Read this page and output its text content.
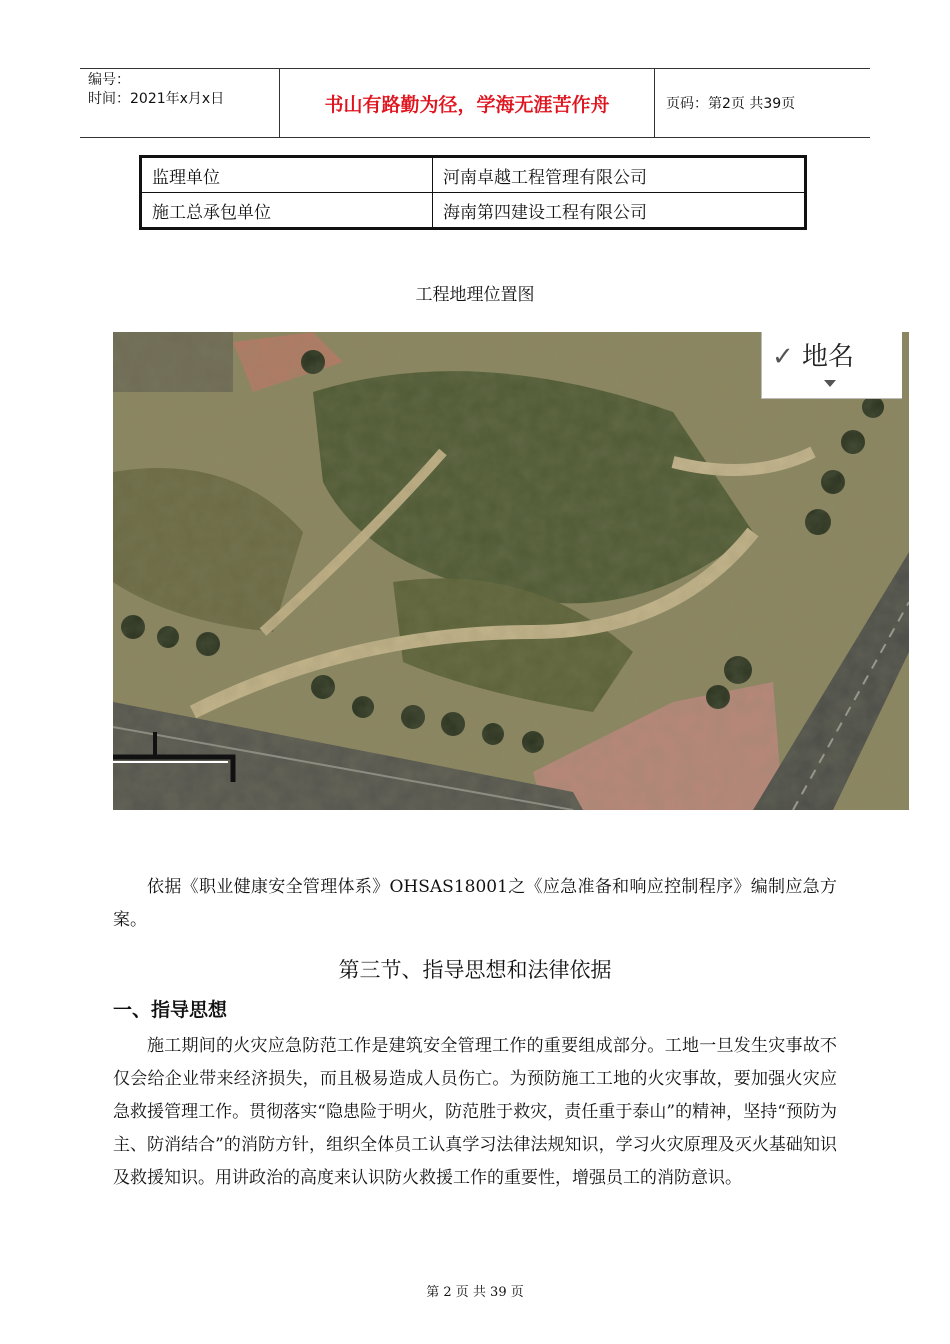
编号：
时间：2021年x月x日	书山有路勤为径，学海无涯苦作舟	页码：第2页 共39页
监理单位	河南卓越工程管理有限公司
施工总承包单位	海南第四建设工程有限公司
工程地理位置图
✓ 地名

依据《职业健康安全管理体系》OHSAS18001之《应急准备和响应控制程序》编制应急方案。

第三节、指导思想和法律依据
一、指导思想

施工期间的火灾应急防范工作是建筑安全管理工作的重要组成部分。工地一旦发生灾事故不仅会给企业带来经济损失，而且极易造成人员伤亡。为预防施工工地的火灾事故，要加强火灾应急救援管理工作。贯彻落实“隐患险于明火，防范胜于救灾，责任重于泰山”的精神，坚持“预防为主、防消结合”的消防方针，组织全体员工认真学习法律法规知识，学习火灾原理及灭火基础知识及救援知识。用讲政治的高度来认识防火救援工作的重要性，增强员工的消防意识。

第 2 页 共 39 页
